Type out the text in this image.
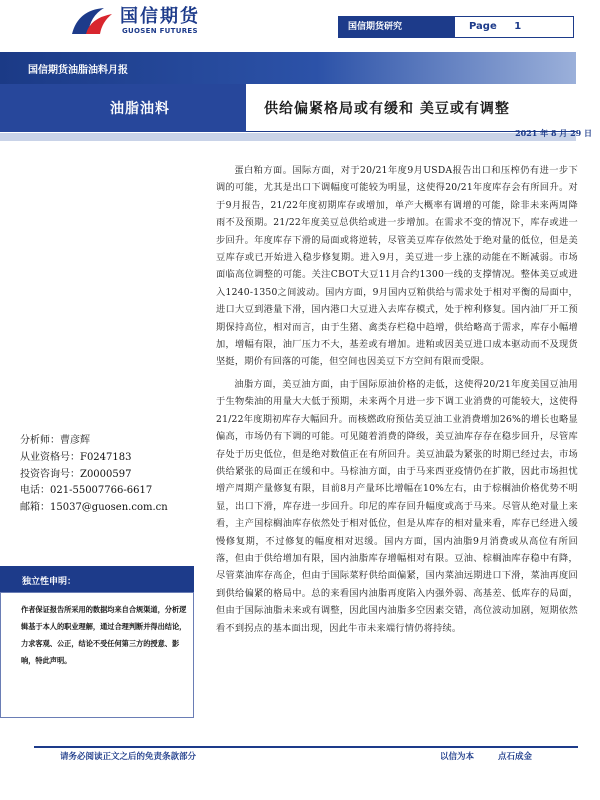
国信期货
GUOSEN FUTURES	国信期货研究	Page 1
国信期货油脂油料月报
油脂油料	供给偏紧格局或有缓和 美豆或有调整
2021 年 8 月 29 日

蛋白粕方面。国际方面，对于20/21年度9月USDA报告出口和压榨仍有进一步下调的可能，尤其是出口下调幅度可能较为明显，这使得20/21年度库存会有所回升。对于9月报告，21/22年度初期库存或增加，单产大概率有调增的可能，除非未来两周降雨不及预期。21/22年度美豆总供给或进一步增加。在需求不变的情况下，库存或进一步回升。年度库存下滑的局面或将逆转，尽管美豆库存依然处于绝对量的低位，但是美豆库存或已开始进入稳步修复期。进入9月，美豆进一步上涨的动能在不断减弱。市场面临高位调整的可能。关注CBOT大豆11月合约1300一线的支撑情况。整体美豆或进入1240-1350之间波动。国内方面，9月国内豆粕供给与需求处于相对平衡的局面中，进口大豆到港量下滑，国内港口大豆进入去库存模式，处于榨利修复。国内油厂开工预期保持高位，相对而言，由于生猪、禽类存栏稳中趋增，供给略高于需求，库存小幅增加，增幅有限，油厂压力不大，基差或有增加。进粕或因美豆进口成本驱动而不及现货坚挺，期价有回落的可能，但空间也因美豆下方空间有限而受限。

油脂方面，美豆油方面，由于国际原油价格的走低，这使得20/21年度美国豆油用于生物柴油的用量大大低于预期，未来两个月进一步下调工业消费的可能较大，这使得21/22年度期初库存大幅回升。而核燃政府预估美豆油工业消费增加26%的增长也略显偏高，市场仍有下调的可能。可见随着消费的降级，美豆油库存存在稳步回升，尽管库存处于历史低位，但是绝对数值正在有所回升。美豆油最为紧张的时期已经过去，市场供给紧张的局面正在缓和中。马棕油方面，由于马来西亚疫情仍在扩散，因此市场担忧增产周期产量修复有限，目前8月产量环比增幅在10%左右，由于棕榈油价格优势不明显，出口下滑，库存进一步回升。印尼的库存回升幅度或高于马来。尽管从绝对量上来看，主产国棕榈油库存依然处于相对低位，但是从库存的相对量来看，库存已经进入缓慢修复期，不过修复的幅度相对迟缓。国内方面，国内油脂9月消费或从高位有所回落，但由于供给增加有限，国内油脂库存增幅相对有限。豆油、棕榈油库存稳中有降，尽管菜油库存高企，但由于国际菜籽供给面偏紧，国内菜油远期进口下滑，菜油再度回到供给偏紧的格局中。总的来看国内油脂再度陷入内强外弱、高基差、低库存的局面，但由于国际油脂未来或有调整，因此国内油脂多空因素交错，高位波动加剧，短期依然看不到拐点的基本面出现，因此牛市未来端行情仍将持续。

分析师：曹彦辉
从业资格号：F0247183
投资咨询号：Z0000597
电话：021-55007766-6617
邮箱：15037@guosen.com.cn
独立性申明：

作者保证报告所采用的数据均来自合规渠道，分析逻辑基于本人的职业理解，通过合理判断并得出结论，力求客观、公正，结论不受任何第三方的授意、影响，特此声明。

请务必阅读正文之后的免责条款部分	以信为本	点石成金
